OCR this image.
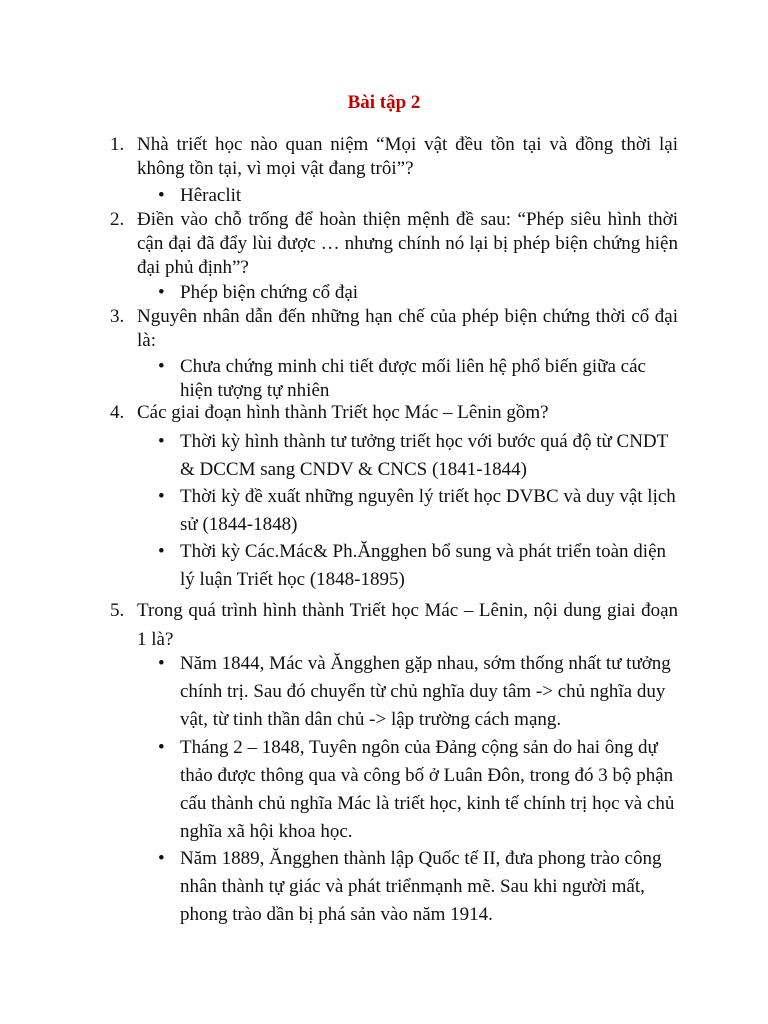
Bài tập 2
1. Nhà triết học nào quan niệm “Mọi vật đều tồn tại và đồng thời lại không tồn tại, vì mọi vật đang trôi”?
• Hêraclit
2. Điền vào chỗ trống để hoàn thiện mệnh đề sau: “Phép siêu hình thời cận đại đã đẩy lùi được … nhưng chính nó lại bị phép biện chứng hiện đại phủ định”?
• Phép biện chứng cổ đại
3. Nguyên nhân dẫn đến những hạn chế của phép biện chứng thời cổ đại là:
• Chưa chứng minh chi tiết được mối liên hệ phổ biến giữa các hiện tượng tự nhiên
4. Các giai đoạn hình thành Triết học Mác – Lênin gồm?
• Thời kỳ hình thành tư tưởng triết học với bước quá độ từ CNDT & DCCM sang CNDV & CNCS (1841-1844)
• Thời kỳ đề xuất những nguyên lý triết học DVBC và duy vật lịch sử (1844-1848)
• Thời kỳ Các.Mác& Ph.Ăngghen bổ sung và phát triển toàn diện lý luận Triết học (1848-1895)
5. Trong quá trình hình thành Triết học Mác – Lênin, nội dung giai đoạn 1 là?
• Năm 1844, Mác và Ăngghen gặp nhau, sớm thống nhất tư tưởng chính trị. Sau đó chuyển từ chủ nghĩa duy tâm -> chủ nghĩa duy vật, từ tinh thần dân chủ -> lập trường cách mạng.
• Tháng 2 – 1848, Tuyên ngôn của Đảng cộng sản do hai ông dự thảo được thông qua và công bố ở Luân Đôn, trong đó 3 bộ phận cấu thành chủ nghĩa Mác là triết học, kinh tế chính trị học và chủ nghĩa xã hội khoa học.
• Năm 1889, Ăngghen thành lập Quốc tế II, đưa phong trào công nhân thành tự giác và phát triểnmạnh mẽ. Sau khi người mất, phong trào dần bị phá sản vào năm 1914.
